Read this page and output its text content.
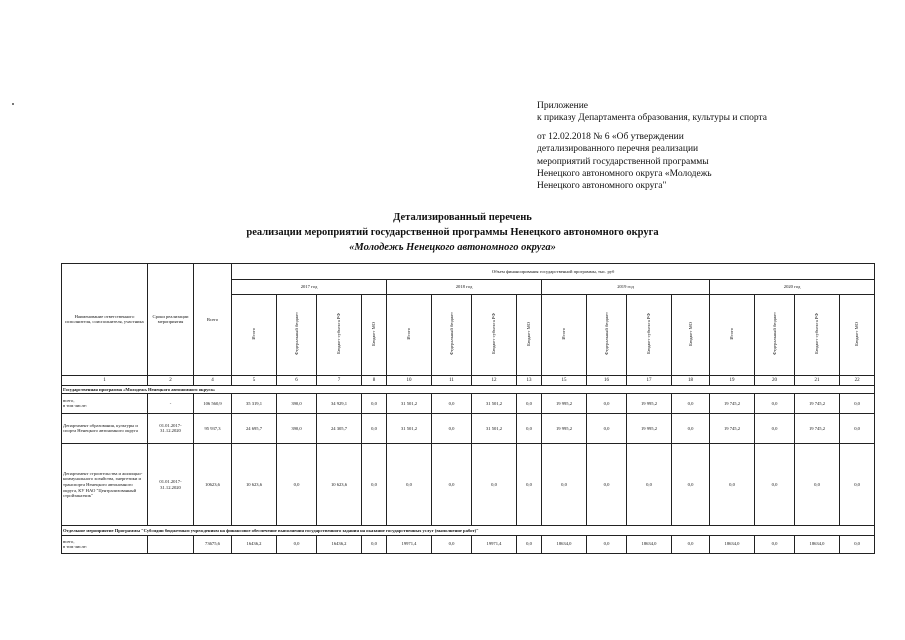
Приложение
к приказу Департамента образования, культуры и спорта
от 12.02.2018 № 6 «Об утверждении
детализированного перечня реализации
мероприятий государственной программы
Ненецкого автономного округа «Молодежь
Ненецкого автономного округа"
Детализированный перечень
реализации мероприятий государственной программы Ненецкого автономного округа
«Молодежь Ненецкого автономного округа»
Наименование ответственного исполнителя, соисполнителя, участника	Сроки реализации мероприятия	Всего	Объем финансирования государственной программы, тыс. руб															
			2017 год				2018 год				2019 год				2020 год			
			Итого	Федеральный бюджет	Бюджет субъекта РФ	Бюджет МО	Итого	Федеральный бюджет	Бюджет субъекта РФ	Бюджет МО	Итого	Федеральный бюджет	Бюджет субъекта РФ	Бюджет МО	Итого	Федеральный бюджет	Бюджет субъекта РФ	Бюджет МО
1	2	4	5	6	7	8	10	11	12	13	15	16	17	18	19	20	21	22
Государственная программа «Молодежь Ненецкого автономного округа»																		
всего,
в том числе:	-	106 560,9	35 319,1	390,0	34 929,1	0,0	31 501,2	0,0	31 501,2	0,0	19 995,2	0,0	19 995,2	0,0	19 745,2	0,0	19 745,2	0,0
Департамент образования, культуры и спорта Ненецкого автономного округа	01.01.2017-
31.12.2020	95 937,3	24 695,7	390,0	24 305,7	0,0	31 501,2	0,0	31 501,2	0,0	19 995,2	0,0	19 995,2	0,0	19 745,2	0,0	19 745,2	0,0
Департамент строительства и жилищно-коммунального хозяйства, энергетики и транспорта Ненецкого автономного округа, КУ НАО "Централизованный стройзаказчик"	01.01.2017-
31.12.2020	10623,6	10 623,6	0,0	10 623,6	0,0	0,0	0,0	0,0	0,0	0,0	0,0	0,0	0,0	0,0	0,0	0,0	0,0
Отдельное мероприятие Программы "Субсидии бюджетным учреждениям на финансовое обеспечение выполнения государственного задания на оказание государственных услуг (выполнение работ)"																		
всего,
в том числе:		73675,6	16436,2	0,0	16436,2	0,0	19971,4	0,0	19971,4	0,0	18634,0	0,0	18634,0	0,0	18634,0	0,0	18634,0	0,0
